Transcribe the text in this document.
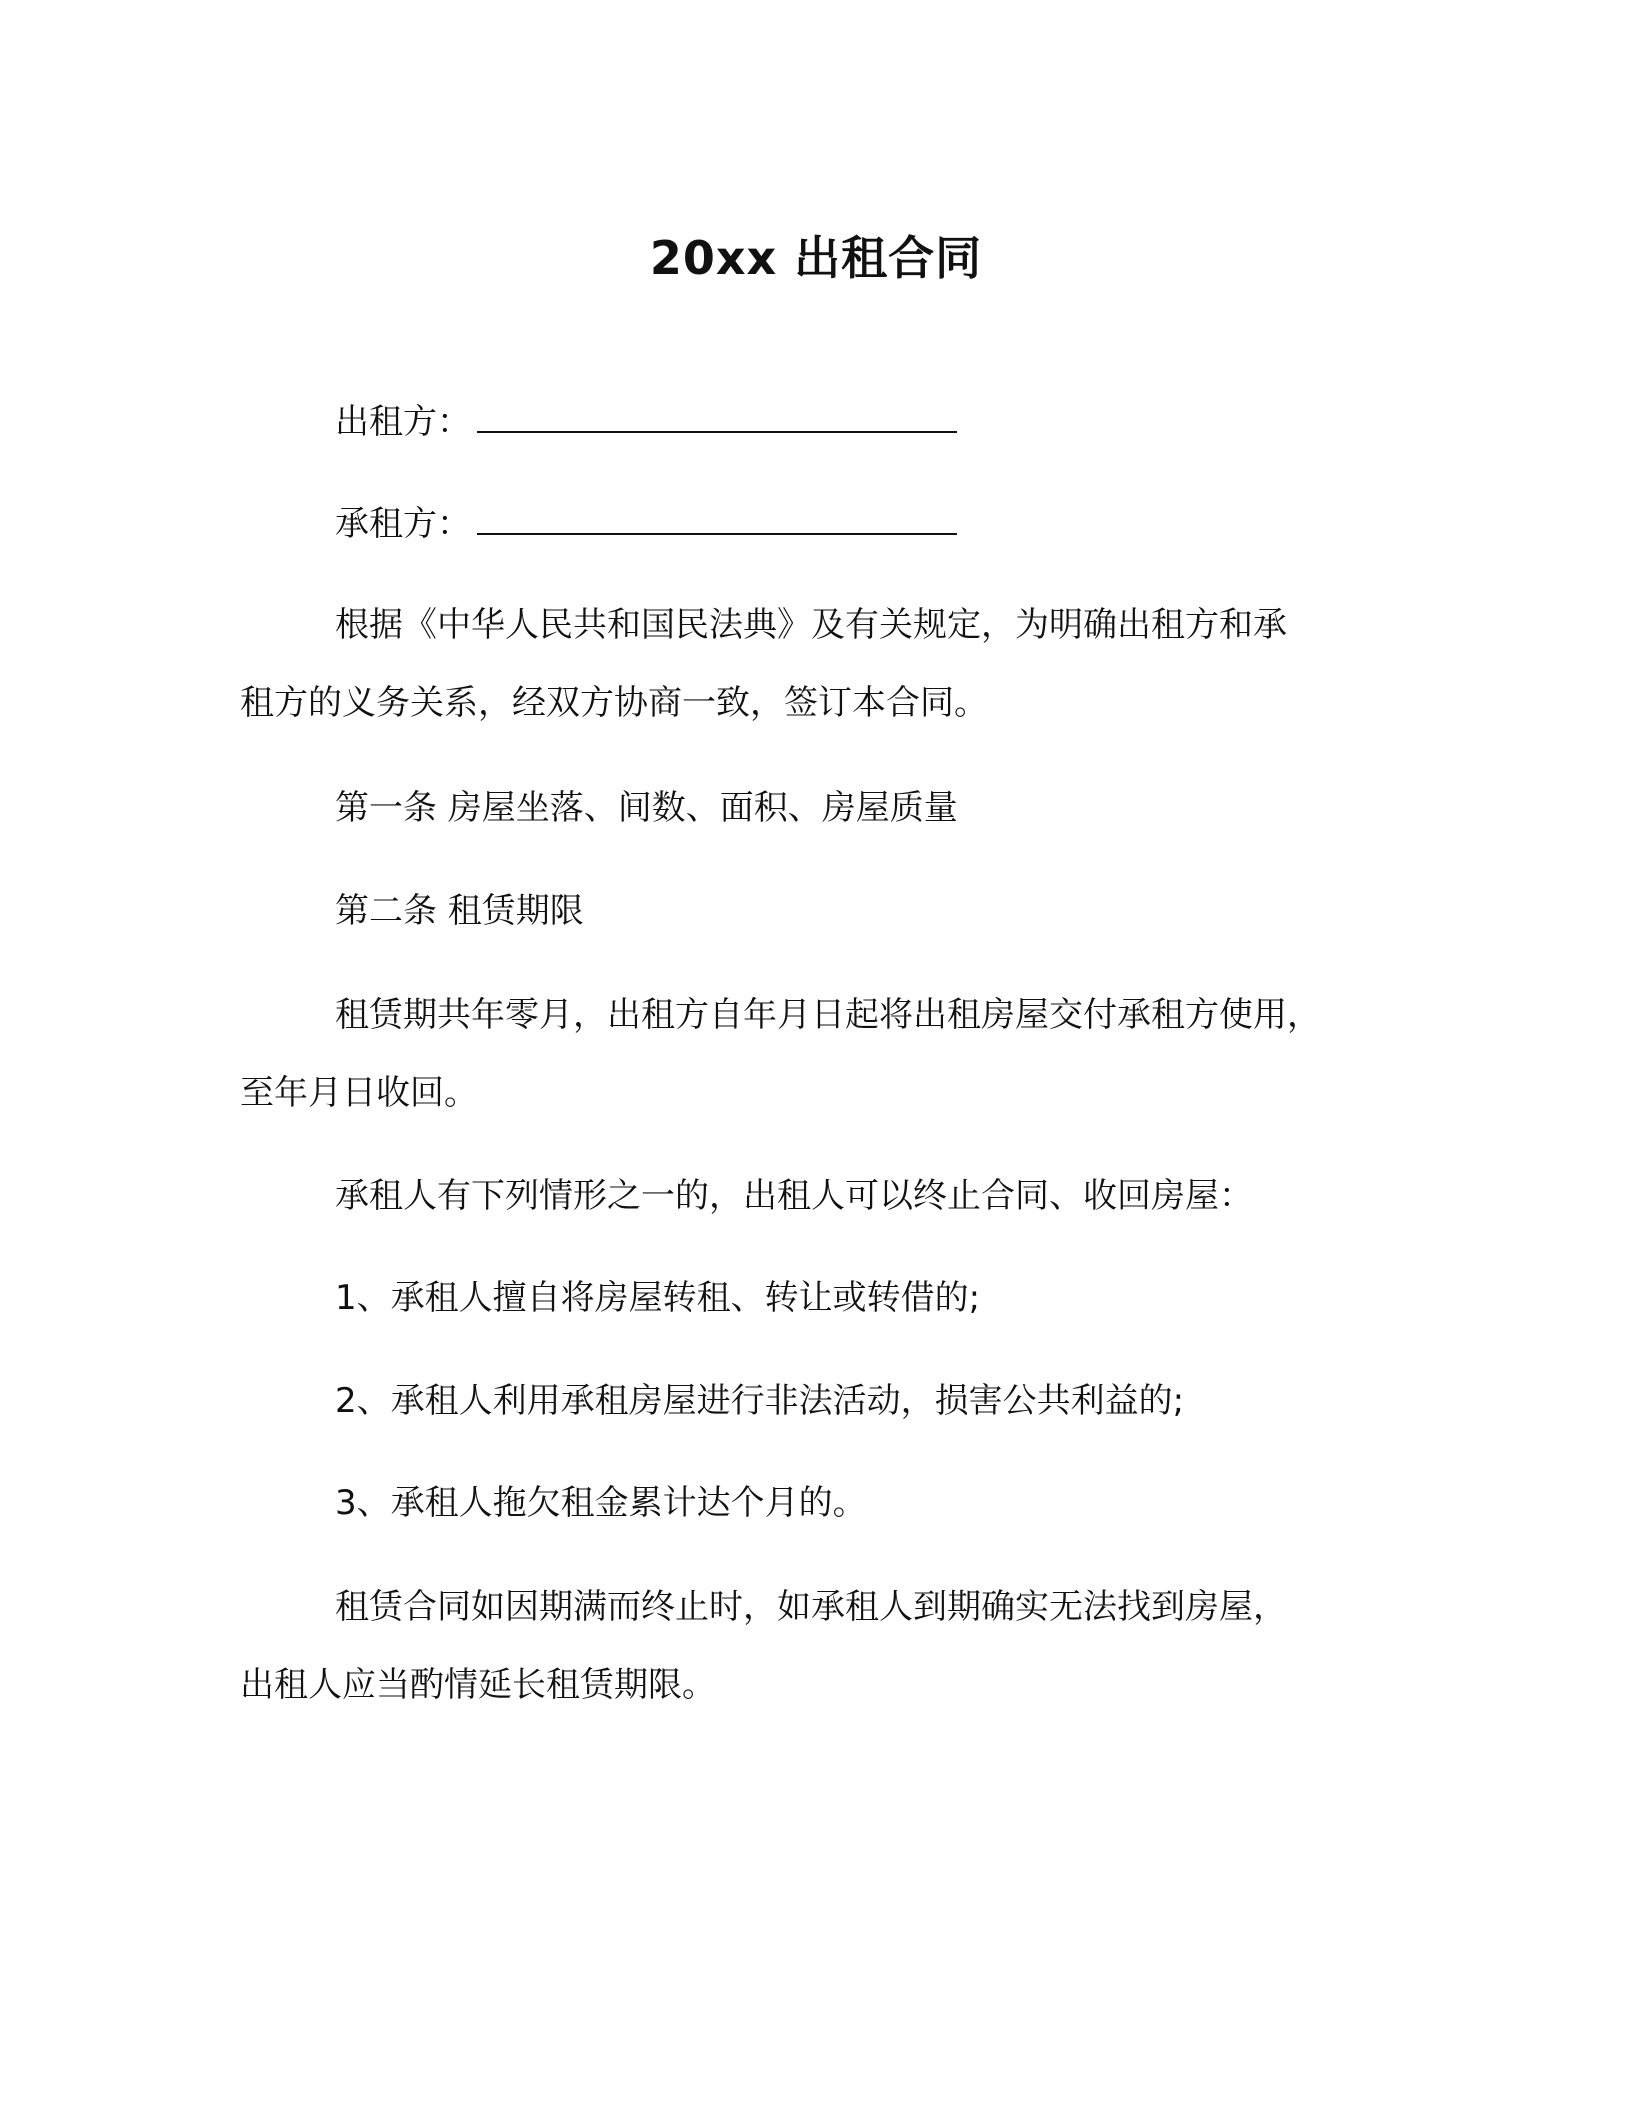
20xx 出租合同
出租方：
承租方：
根据《中华人民共和国民法典》及有关规定，为明确出租方和承
租方的义务关系，经双方协商一致，签订本合同。
第一条 房屋坐落、间数、面积、房屋质量
第二条 租赁期限
租赁期共年零月，出租方自年月日起将出租房屋交付承租方使用，
至年月日收回。
承租人有下列情形之一的，出租人可以终止合同、收回房屋：
1、承租人擅自将房屋转租、转让或转借的;
2、承租人利用承租房屋进行非法活动，损害公共利益的;
3、承租人拖欠租金累计达个月的。
租赁合同如因期满而终止时，如承租人到期确实无法找到房屋，
出租人应当酌情延长租赁期限。
